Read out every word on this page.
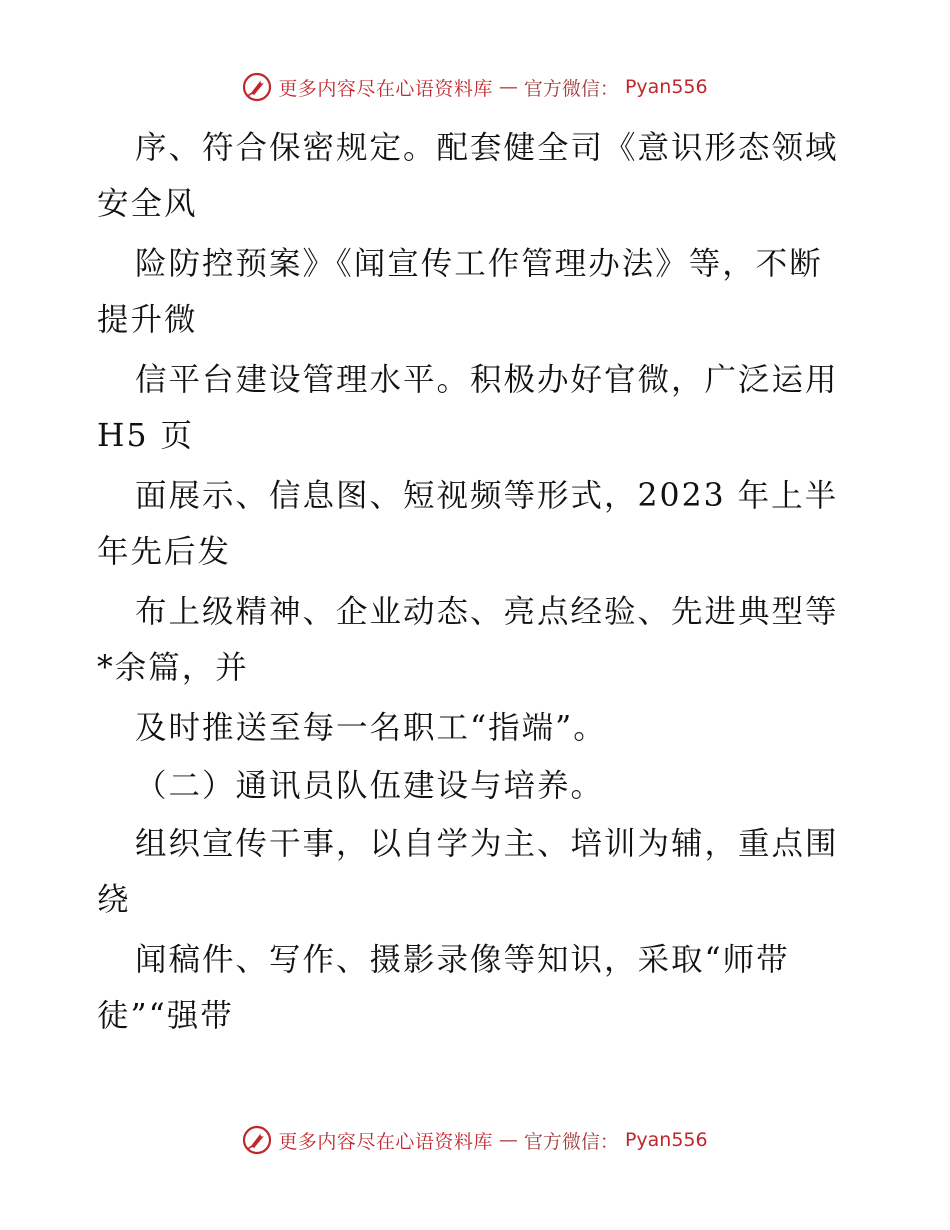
更多内容尽在心语资料库 — 官方微信： Pyan556
序、符合保密规定。配套健全司《意识形态领域
安全风
险防控预案》《闻宣传工作管理办法》等，不断
提升微
信平台建设管理水平。积极办好官微，广泛运用
H5 页
面展示、信息图、短视频等形式，2023 年上半
年先后发
布上级精神、企业动态、亮点经验、先进典型等
*余篇，并
及时推送至每一名职工“指端”。
（二）通讯员队伍建设与培养。
组织宣传干事，以自学为主、培训为辅，重点围
绕
闻稿件、写作、摄影录像等知识，采取“师带
徒”“强带
更多内容尽在心语资料库 — 官方微信： Pyan556
